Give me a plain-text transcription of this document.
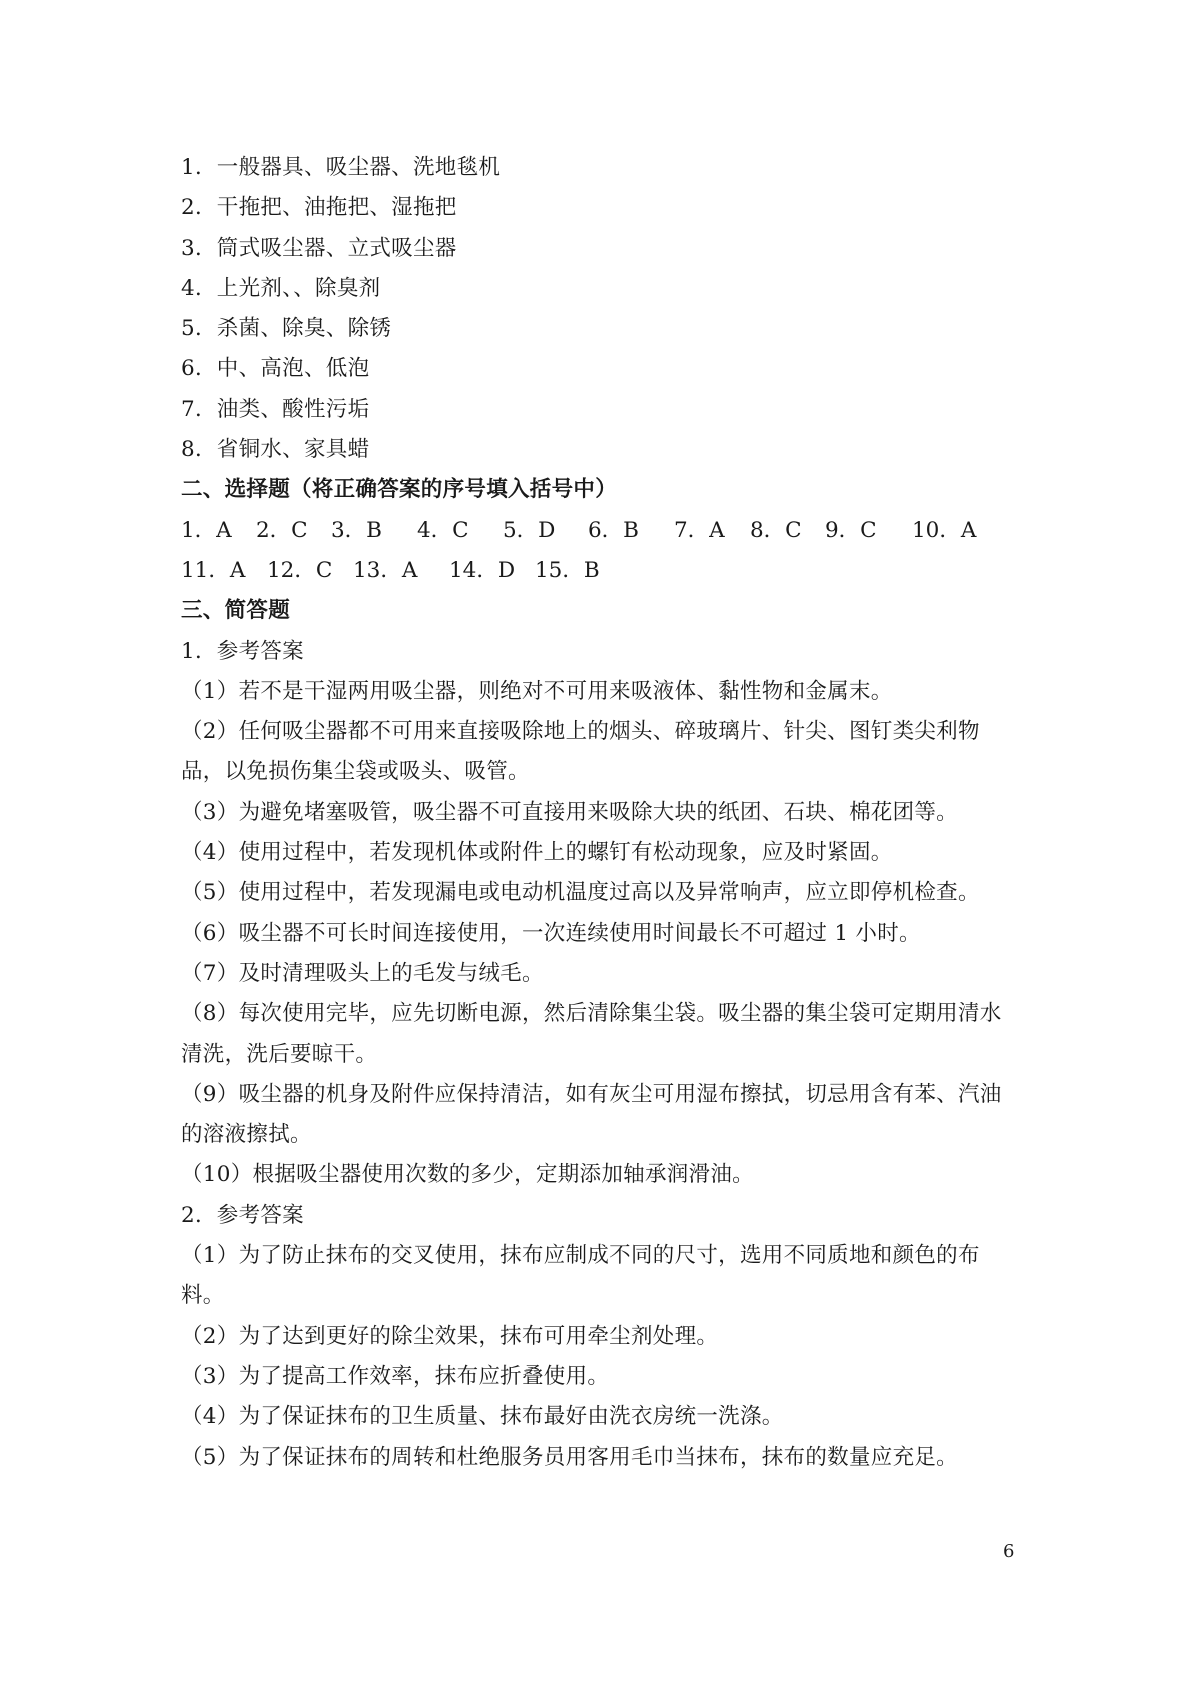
1．一般器具、吸尘器、洗地毯机
2．干拖把、油拖把、湿拖把
3．筒式吸尘器、立式吸尘器
4．上光剂、、除臭剂
5．杀菌、除臭、除锈
6．中、高泡、低泡
7．油类、酸性污垢
8．省铜水、家具蜡
二、选择题（将正确答案的序号填入括号中）
1．A	2．C	3．B	4．C	5．D	6．B	7．A	8．C	9．C	10．A
11．A	12．C 13．A	14．D 15．B
三、简答题
1．参考答案
（1）若不是干湿两用吸尘器，则绝对不可用来吸液体、黏性物和金属末。
（2）任何吸尘器都不可用来直接吸除地上的烟头、碎玻璃片、针尖、图钉类尖利物品，以免损伤集尘袋或吸头、吸管。
（3）为避免堵塞吸管，吸尘器不可直接用来吸除大块的纸团、石块、棉花团等。
（4）使用过程中，若发现机体或附件上的螺钉有松动现象，应及时紧固。
（5）使用过程中，若发现漏电或电动机温度过高以及异常响声，应立即停机检查。
（6）吸尘器不可长时间连接使用，一次连续使用时间最长不可超过 1 小时。
（7）及时清理吸头上的毛发与绒毛。
（8）每次使用完毕，应先切断电源，然后清除集尘袋。吸尘器的集尘袋可定期用清水清洗，洗后要晾干。
（9）吸尘器的机身及附件应保持清洁，如有灰尘可用湿布擦拭，切忌用含有苯、汽油的溶液擦拭。
（10）根据吸尘器使用次数的多少，定期添加轴承润滑油。
2．参考答案
（1）为了防止抹布的交叉使用，抹布应制成不同的尺寸，选用不同质地和颜色的布料。
（2）为了达到更好的除尘效果，抹布可用牵尘剂处理。
（3）为了提高工作效率，抹布应折叠使用。
（4）为了保证抹布的卫生质量、抹布最好由洗衣房统一洗涤。
（5）为了保证抹布的周转和杜绝服务员用客用毛巾当抹布，抹布的数量应充足。
6
